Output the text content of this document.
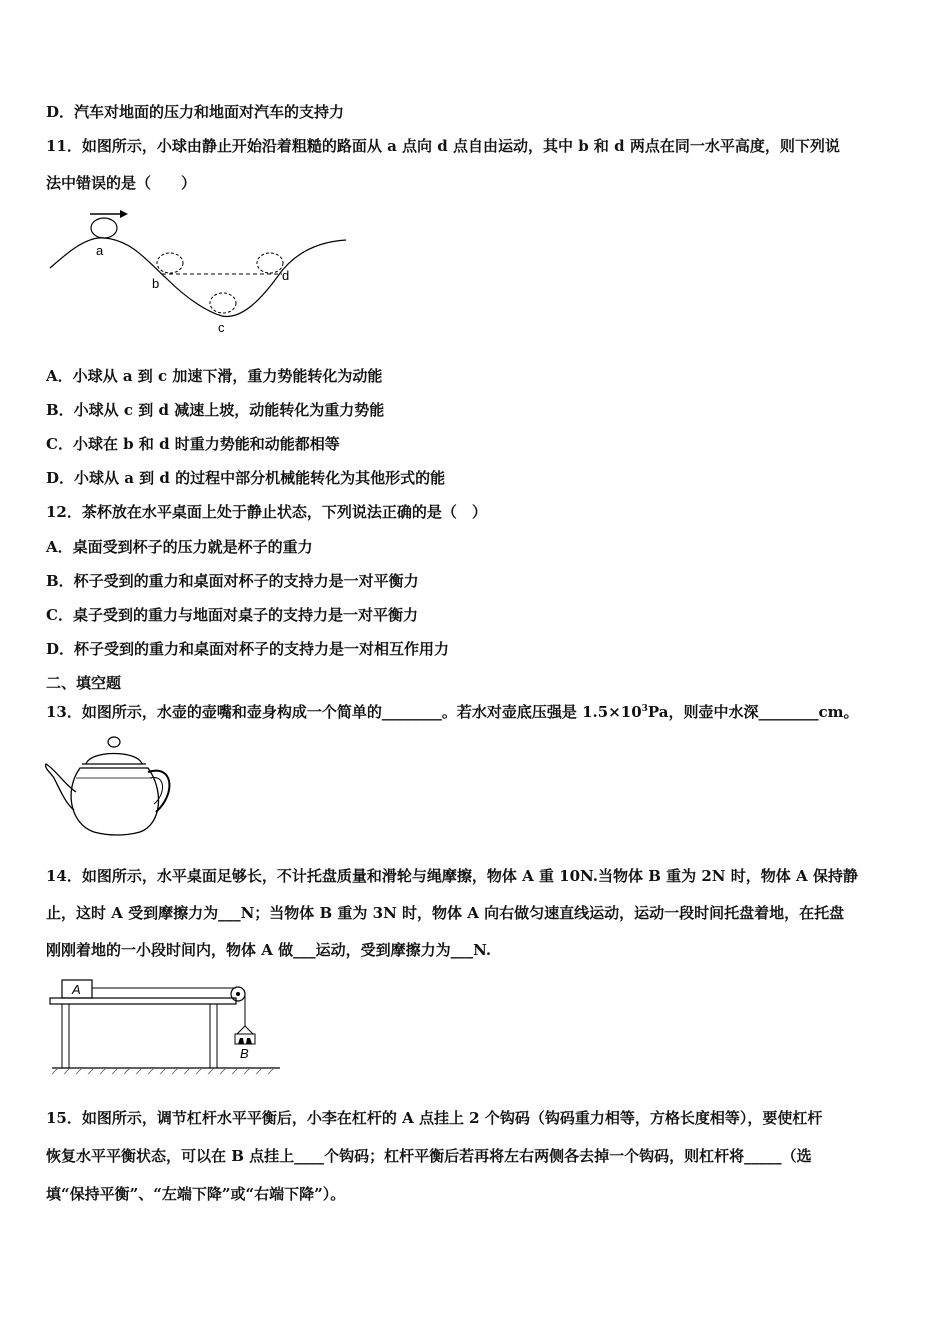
D．汽车对地面的压力和地面对汽车的支持力
11．如图所示，小球由静止开始沿着粗糙的路面从 a 点向 d 点自由运动，其中 b 和 d 两点在同一水平高度，则下列说
法中错误的是（　　）
a
b
c
d
A．小球从 a 到 c 加速下滑，重力势能转化为动能
B．小球从 c 到 d 减速上坡，动能转化为重力势能
C．小球在 b 和 d 时重力势能和动能都相等
D．小球从 a 到 d 的过程中部分机械能转化为其他形式的能
12．茶杯放在水平桌面上处于静止状态，下列说法正确的是（　）
A．桌面受到杯子的压力就是杯子的重力
B．杯子受到的重力和桌面对杯子的支持力是一对平衡力
C．桌子受到的重力与地面对桌子的支持力是一对平衡力
D．杯子受到的重力和桌面对杯子的支持力是一对相互作用力
二、填空题
13．如图所示，水壶的壶嘴和壶身构成一个简单的________。若水对壶底压强是 $1.5\times 10^3Pa$，则壶中水深________cm。
14．如图所示，水平桌面足够长，不计托盘质量和滑轮与绳摩擦，物体 A 重 10N.当物体 B 重为 2N 时，物体 A 保持静
止，这时 A 受到摩擦力为___N；当物体 B 重为 3N 时，物体 A 向右做匀速直线运动，运动一段时间托盘着地，在托盘
刚刚着地的一小段时间内，物体 A 做___运动，受到摩擦力为___N.
A
B
15．如图所示，调节杠杆水平平衡后，小李在杠杆的 A 点挂上 2 个钩码（钩码重力相等，方格长度相等），要使杠杆
恢复水平平衡状态，可以在 B 点挂上____个钩码；杠杆平衡后若再将左右两侧各去掉一个钩码，则杠杆将_____（选
填“保持平衡”、“左端下降”或“右端下降”）。
